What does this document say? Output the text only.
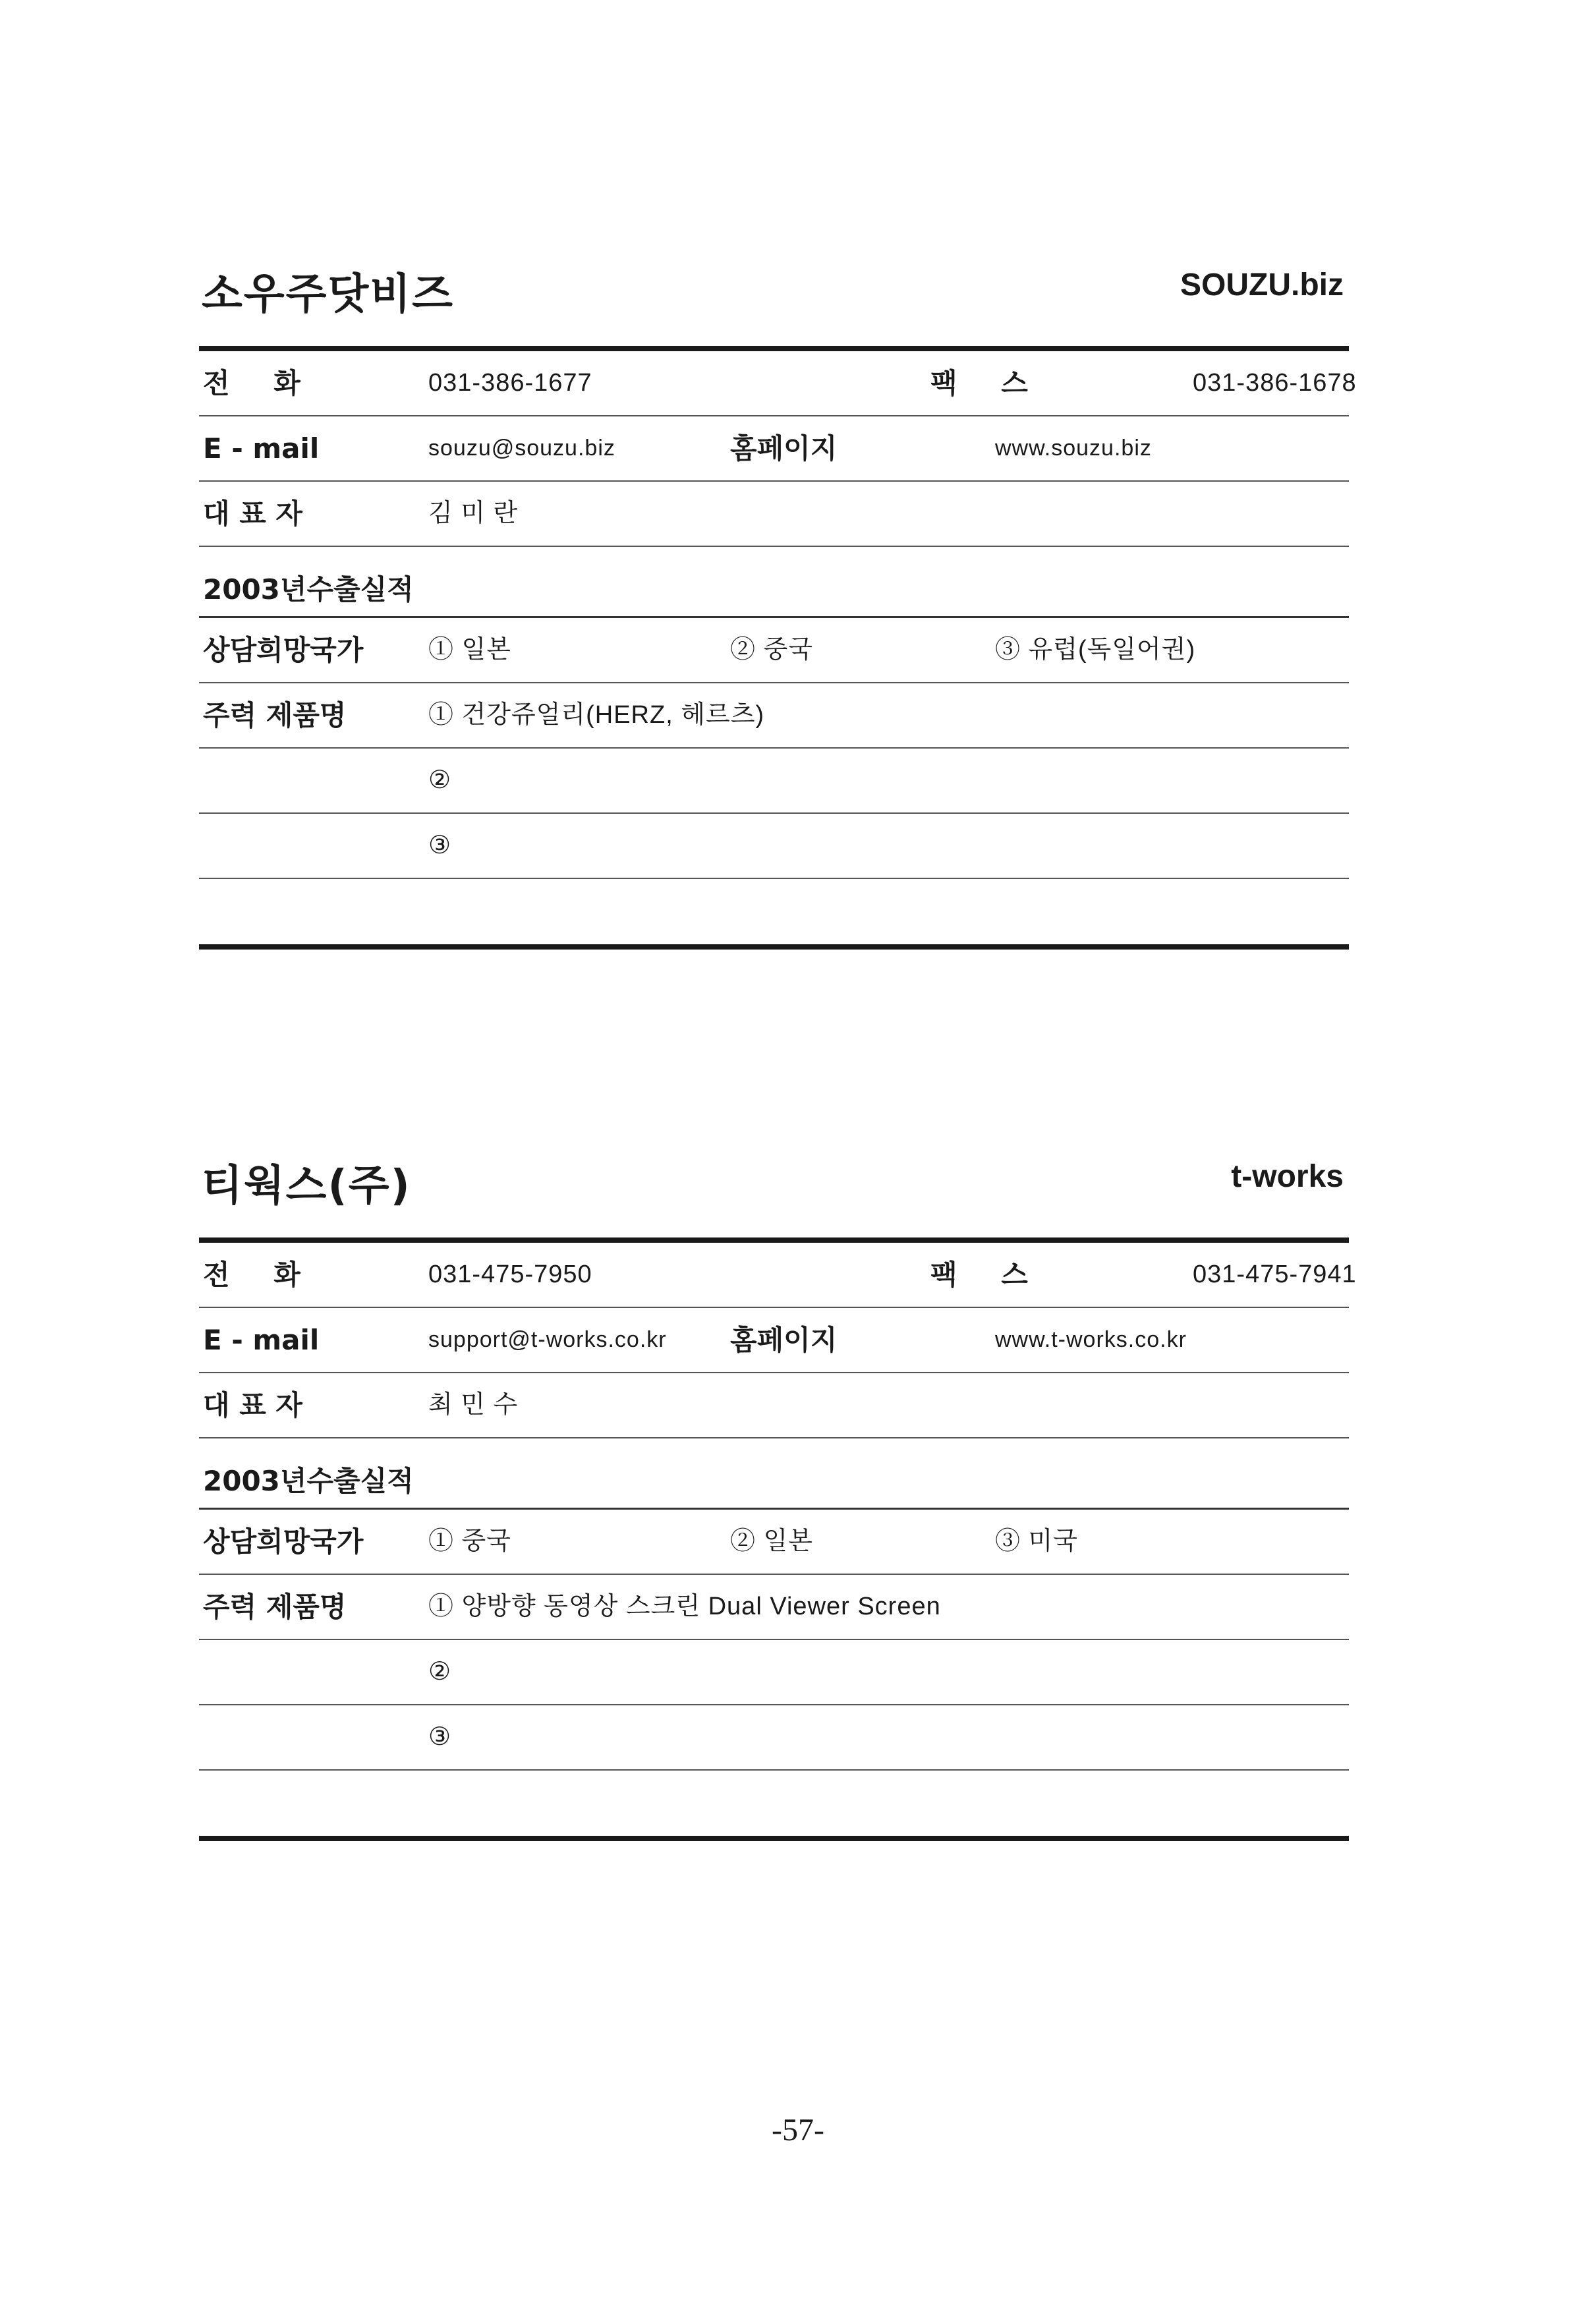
소우주닷비즈	SOUZU.biz
전 화	031-386-1677	팩 스	031-386-1678
E - mail	souzu@souzu.biz	홈페이지	www.souzu.biz
대 표 자	김 미 란
2003년수출실적
상담희망국가	① 일본	② 중국	③ 유럽(독일어권)
주력 제품명	① 건강쥬얼리(HERZ, 헤르츠)
②
③
티웍스(주)	t-works
전 화	031-475-7950	팩 스	031-475-7941
E - mail	support@t-works.co.kr 홈페이지	www.t-works.co.kr
대 표 자	최 민 수
2003년수출실적
상담희망국가	① 중국	② 일본	③ 미국
주력 제품명	① 양방향 동영상 스크린 Dual Viewer Screen
②
③
-57-
